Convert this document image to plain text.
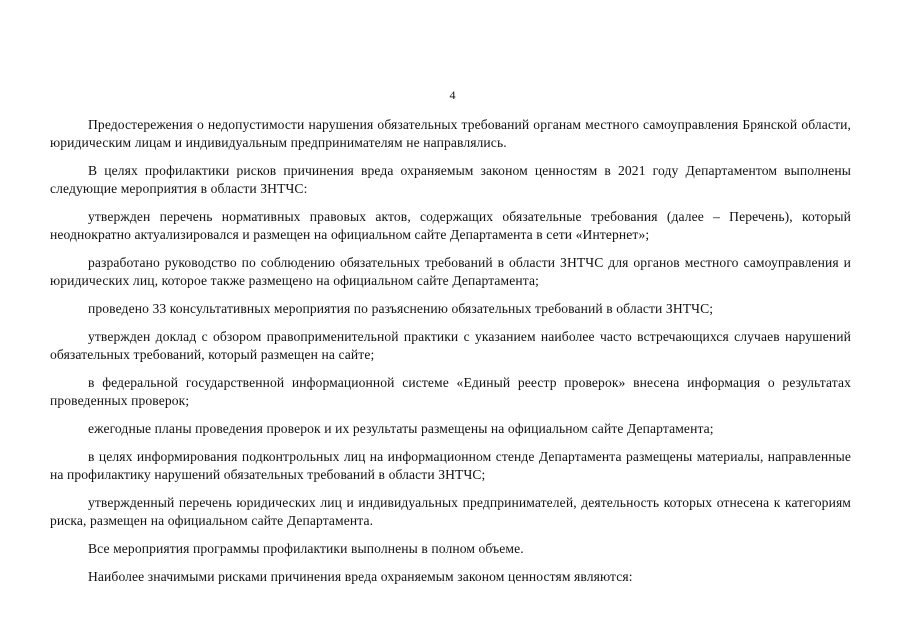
4

Предостережения о недопустимости нарушения обязательных требований органам местного самоуправления Брянской области, юридическим лицам и индивидуальным предпринимателям не направлялись.

В целях профилактики рисков причинения вреда охраняемым законом ценностям в 2021 году Департаментом выполнены следующие мероприятия в области ЗНТЧС:

утвержден перечень нормативных правовых актов, содержащих обязательные требования (далее – Перечень), который неоднократно актуализировался и размещен на официальном сайте Департамента в сети «Интернет»;

разработано руководство по соблюдению обязательных требований в области ЗНТЧС для органов местного самоуправления и юридических лиц, которое также размещено на официальном сайте Департамента;

проведено 33 консультативных мероприятия по разъяснению обязательных требований в области ЗНТЧС;

утвержден доклад с обзором правоприменительной практики с указанием наиболее часто встречающихся случаев нарушений обязательных требований, который размещен на сайте;

в федеральной государственной информационной системе «Единый реестр проверок» внесена информация о результатах проведенных проверок;

ежегодные планы проведения проверок и их результаты размещены на официальном сайте Департамента;

в целях информирования подконтрольных лиц на информационном стенде Департамента размещены материалы, направленные на профилактику нарушений обязательных требований в области ЗНТЧС;

утвержденный перечень юридических лиц и индивидуальных предпринимателей, деятельность которых отнесена к категориям риска, размещен на официальном сайте Департамента.

Все мероприятия программы профилактики выполнены в полном объеме.

Наиболее значимыми рисками причинения вреда охраняемым законом ценностям являются:
